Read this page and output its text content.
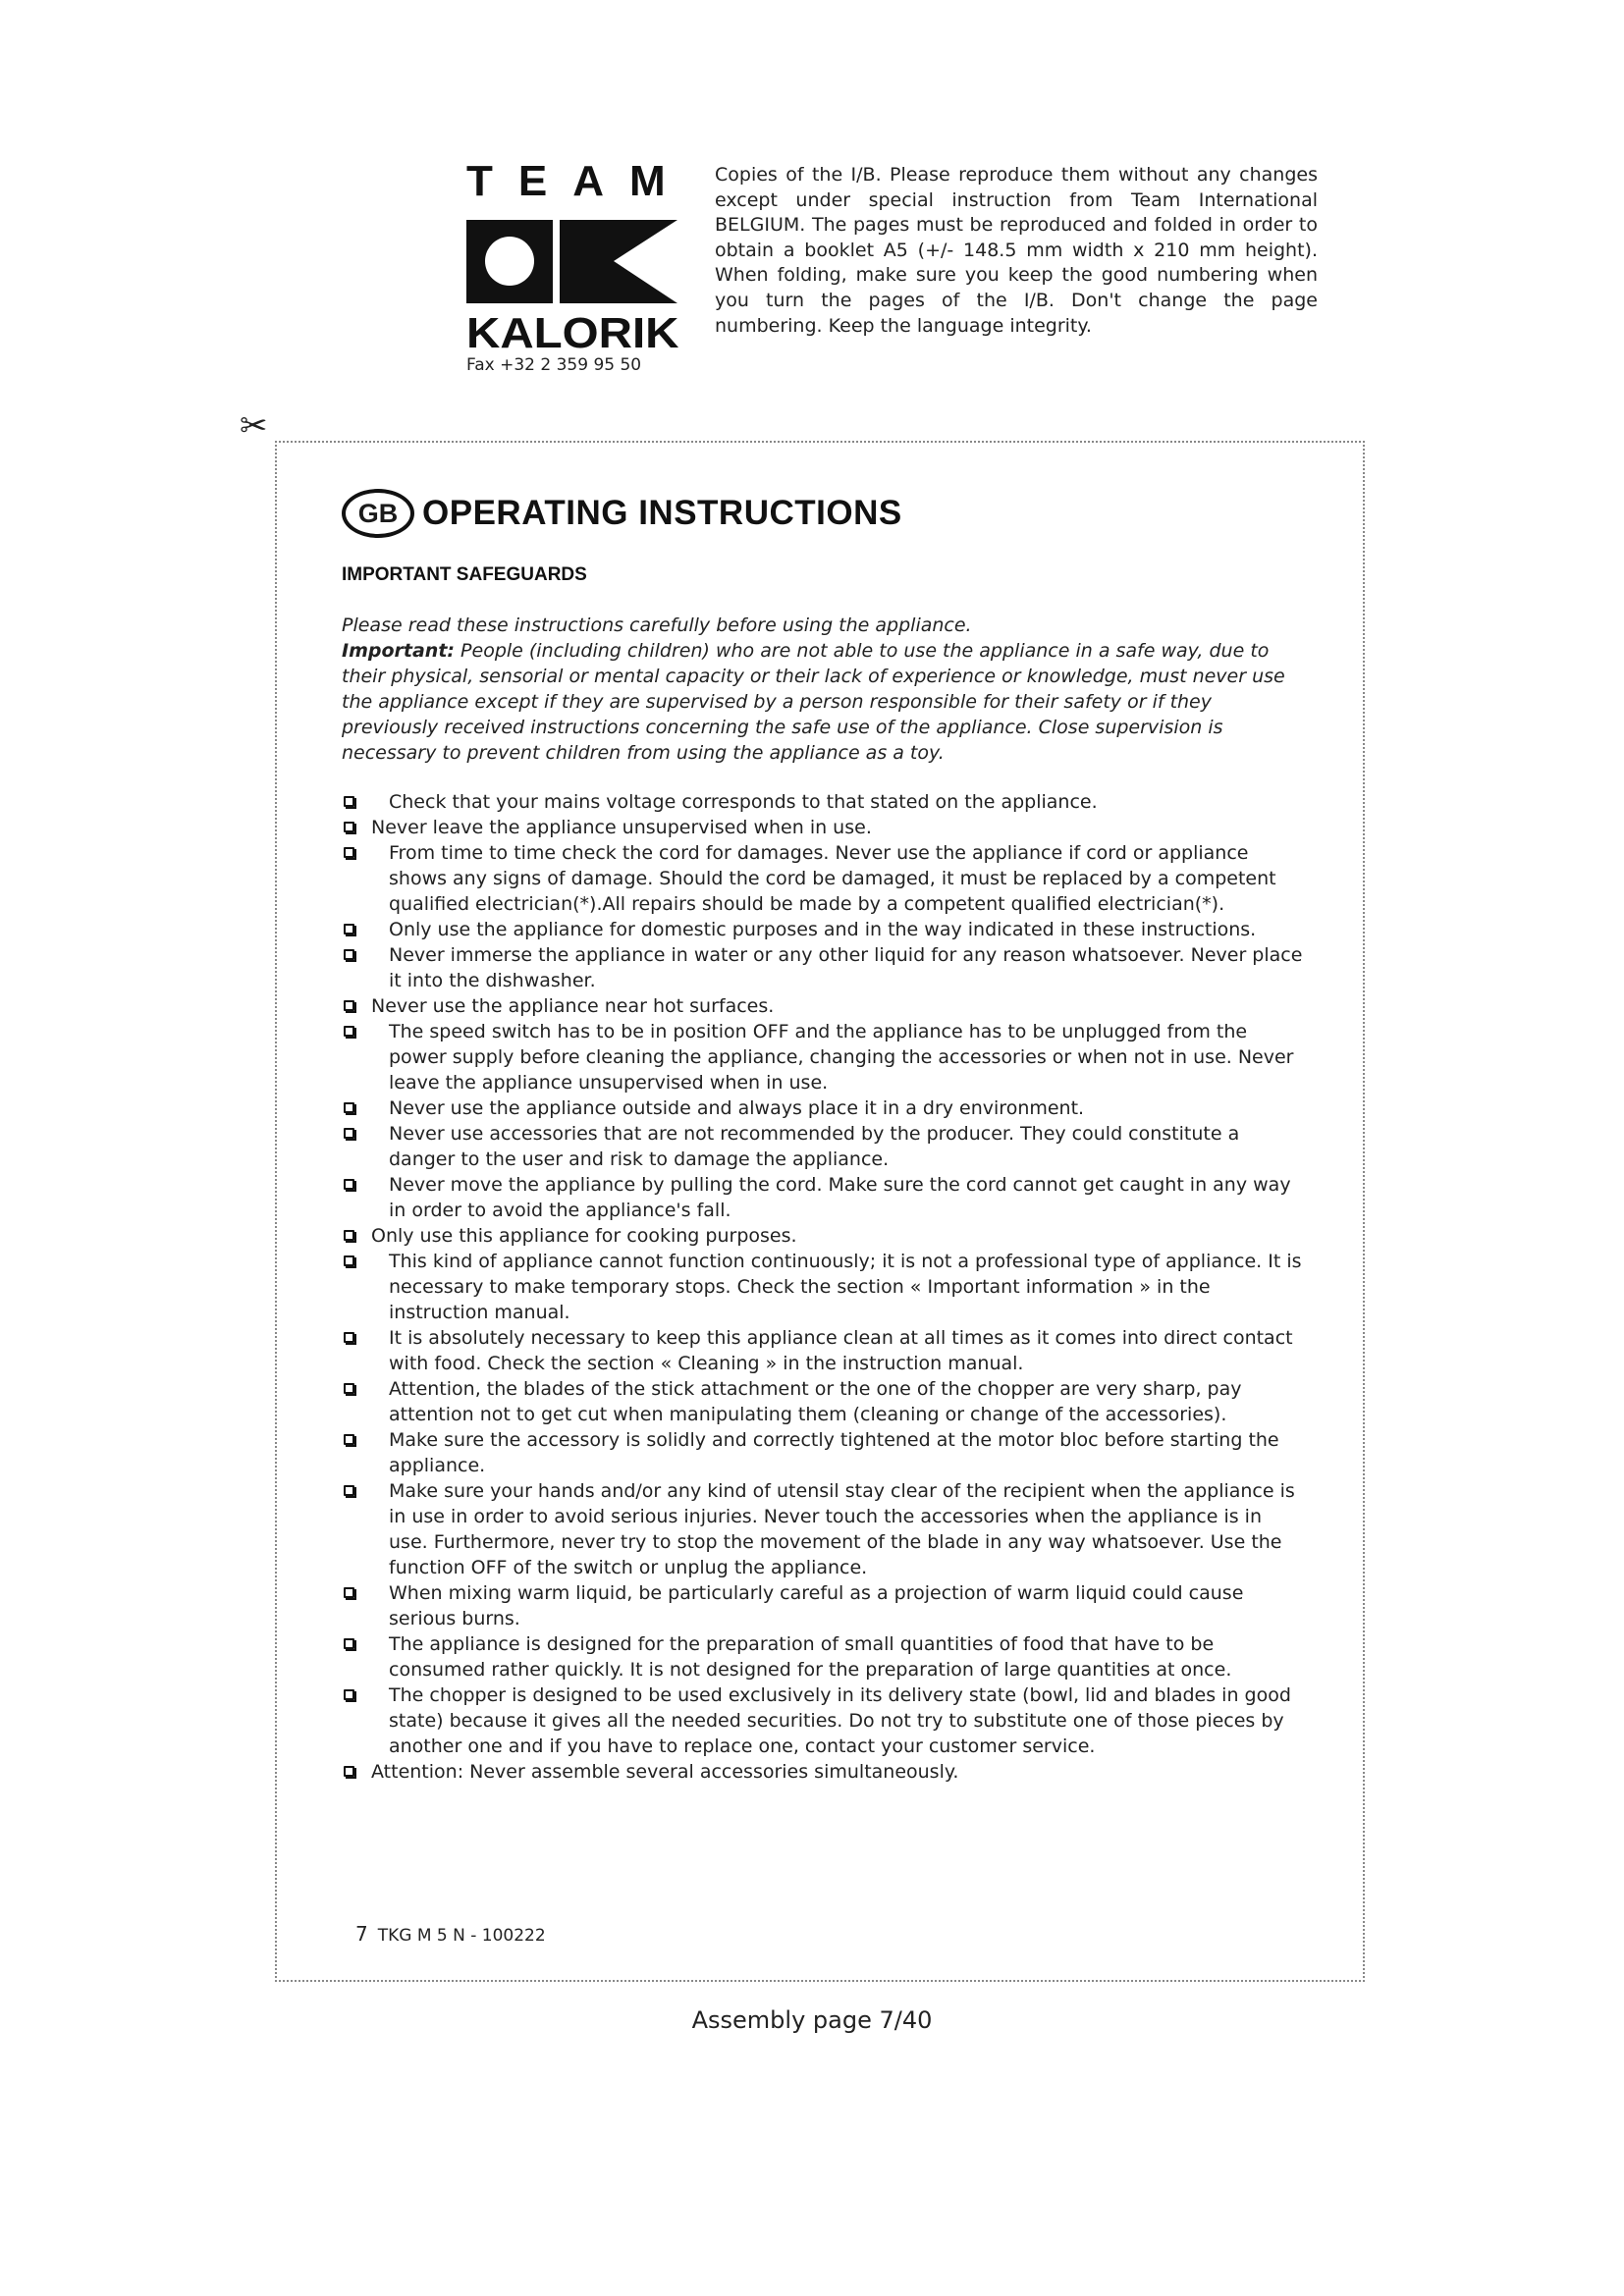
TEAM
KALORIK
Fax +32 2 359 95 50
Copies of the I/B. Please reproduce them without any changes except under special instruction from Team International BELGIUM. The pages must be reproduced and folded in order to obtain a booklet A5 (+/- 148.5 mm width x 210 mm height). When folding, make sure you keep the good numbering when you turn the pages of the I/B. Don't change the page numbering. Keep the language integrity.
✂
GB OPERATING INSTRUCTIONS
IMPORTANT SAFEGUARDS
Please read these instructions carefully before using the appliance.
Important: People (including children) who are not able to use the appliance in a safe way, due to their physical, sensorial or mental capacity or their lack of experience or knowledge, must never use the appliance except if they are supervised by a person responsible for their safety or if they previously received instructions concerning the safe use of the appliance. Close supervision is necessary to prevent children from using the appliance as a toy.
Check that your mains voltage corresponds to that stated on the appliance.
Never leave the appliance unsupervised when in use.
From time to time check the cord for damages. Never use the appliance if cord or appliance shows any signs of damage. Should the cord be damaged, it must be replaced by a competent qualified electrician(*).All repairs should be made by a competent qualified electrician(*).
Only use the appliance for domestic purposes and in the way indicated in these instructions.
Never immerse the appliance in water or any other liquid for any reason whatsoever. Never place it into the dishwasher.
Never use the appliance near hot surfaces.
The speed switch has to be in position OFF and the appliance has to be unplugged from the power supply before cleaning the appliance, changing the accessories or when not in use. Never leave the appliance unsupervised when in use.
Never use the appliance outside and always place it in a dry environment.
Never use accessories that are not recommended by the producer. They could constitute a danger to the user and risk to damage the appliance.
Never move the appliance by pulling the cord. Make sure the cord cannot get caught in any way in order to avoid the appliance's fall.
Only use this appliance for cooking purposes.
This kind of appliance cannot function continuously; it is not a professional type of appliance. It is necessary to make temporary stops. Check the section « Important information » in the instruction manual.
It is absolutely necessary to keep this appliance clean at all times as it comes into direct contact with food. Check the section « Cleaning » in the instruction manual.
Attention, the blades of the stick attachment or the one of the chopper are very sharp, pay attention not to get cut when manipulating them (cleaning or change of the accessories).
Make sure the accessory is solidly and correctly tightened at the motor bloc before starting the appliance.
Make sure your hands and/or any kind of utensil stay clear of the recipient when the appliance is in use in order to avoid serious injuries. Never touch the accessories when the appliance is in use. Furthermore, never try to stop the movement of the blade in any way whatsoever. Use the function OFF of the switch or unplug the appliance.
When mixing warm liquid, be particularly careful as a projection of warm liquid could cause serious burns.
The appliance is designed for the preparation of small quantities of food that have to be consumed rather quickly. It is not designed for the preparation of large quantities at once.
The chopper is designed to be used exclusively in its delivery state (bowl, lid and blades in good state) because it gives all the needed securities. Do not try to substitute one of those pieces by another one and if you have to replace one, contact your customer service.
Attention: Never assemble several accessories simultaneously.
7 TKG M 5 N - 100222
Assembly page 7/40
